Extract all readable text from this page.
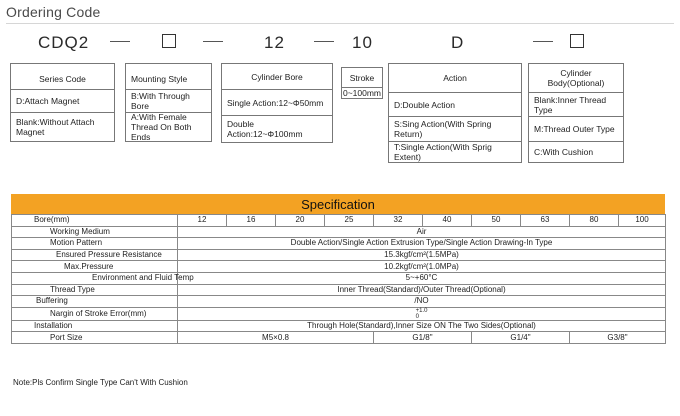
Ordering Code
CDQ2	12	10	D
Series Code
D:Attach Magnet
Blank:Without Attach Magnet
Mounting Style
B:With Through Bore
A:With Female Thread On Both Ends
Cylinder Bore
Single Action:12~Φ50mm
Double Action:12~Φ100mm
Stroke
0~100mm
Action
D:Double Action
S:Sing Action(With Spring Return)
T:Single Action(With Sprig Extent)
Cylinder Body(Optional)
Blank:Inner Thread Type
M:Thread Outer Type
C:With Cushion
Specification
Bore(mm)	12	16	20	25	32	40	50	63	80	100
Working Medium	Air									
Motion Pattern	Double Action/Single Action Extrusion Type/Single Action Drawing-In Type									
Ensured Pressure Resistance	15.3kgf/cm²(1.5MPa)									
Max.Pressure	10.2kgf/cm²(1.0MPa)									
Environment and Fluid Temp	5~+60°C									
Thread Type	Inner Thread(Standard)/Outer Thread(Optional)									
Buffering	/NO									
Nargin of Stroke Error(mm)	+1.0
0									
Installation	Through Hole(Standard),Inner Size ON The Two Sides(Optional)									
Port Size	M5×0.8				G1/8"		G1/4"		G3/8"	
Note:Pls Confirm Single Type Can't With Cushion
